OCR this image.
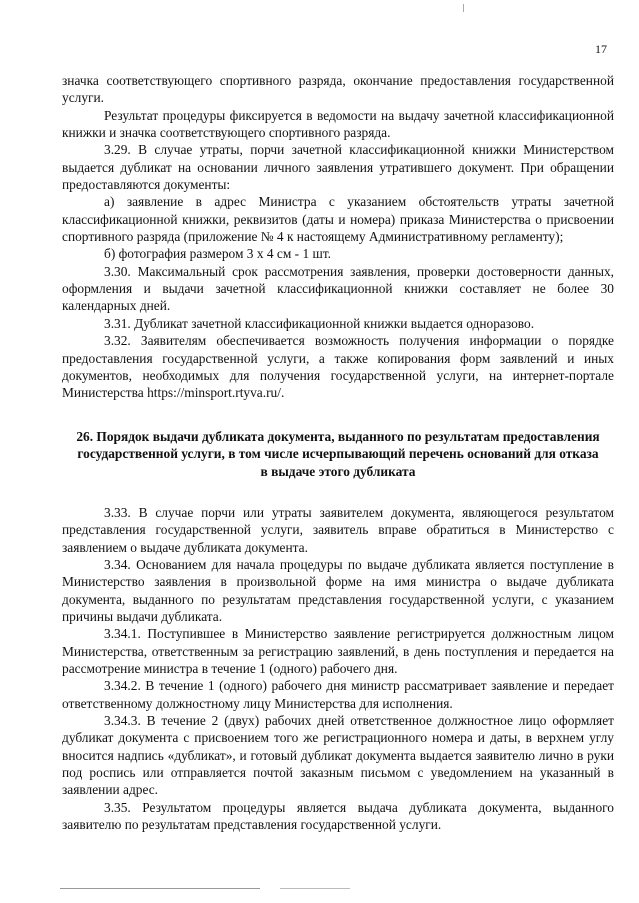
17

значка соответствующего спортивного разряда, окончание предоставления государственной услуги.

Результат процедуры фиксируется в ведомости на выдачу зачетной классификационной книжки и значка соответствующего спортивного разряда.

3.29. В случае утраты, порчи зачетной классификационной книжки Министерством выдается дубликат на основании личного заявления утратившего документ. При обращении предоставляются документы:

а) заявление в адрес Министра с указанием обстоятельств утраты зачетной классификационной книжки, реквизитов (даты и номера) приказа Министерства о присвоении спортивного разряда (приложение № 4 к настоящему Административному регламенту);

б) фотография размером 3 х 4 см - 1 шт.

3.30. Максимальный срок рассмотрения заявления, проверки достоверности данных, оформления и выдачи зачетной классификационной книжки составляет не более 30 календарных дней.

3.31. Дубликат зачетной классификационной книжки выдается одноразово.

3.32. Заявителям обеспечивается возможность получения информации о порядке предоставления государственной услуги, а также копирования форм заявлений и иных документов, необходимых для получения государственной услуги, на интернет-портале Министерства https://minsport.rtyva.ru/.

26. Порядок выдачи дубликата документа, выданного по результатам предоставления государственной услуги, в том числе исчерпывающий перечень оснований для отказа в выдаче этого дубликата

3.33. В случае порчи или утраты заявителем документа, являющегося результатом представления государственной услуги, заявитель вправе обратиться в Министерство с заявлением о выдаче дубликата документа.

3.34. Основанием для начала процедуры по выдаче дубликата является поступление в Министерство заявления в произвольной форме на имя министра о выдаче дубликата документа, выданного по результатам представления государственной услуги, с указанием причины выдачи дубликата.

3.34.1. Поступившее в Министерство заявление регистрируется должностным лицом Министерства, ответственным за регистрацию заявлений, в день поступления и передается на рассмотрение министра в течение 1 (одного) рабочего дня.

3.34.2. В течение 1 (одного) рабочего дня министр рассматривает заявление и передает ответственному должностному лицу Министерства для исполнения.

3.34.3. В течение 2 (двух) рабочих дней ответственное должностное лицо оформляет дубликат документа с присвоением того же регистрационного номера и даты, в верхнем углу вносится надпись «дубликат», и готовый дубликат документа выдается заявителю лично в руки под роспись или отправляется почтой заказным письмом с уведомлением на указанный в заявлении адрес.

3.35. Результатом процедуры является выдача дубликата документа, выданного заявителю по результатам представления государственной услуги.
